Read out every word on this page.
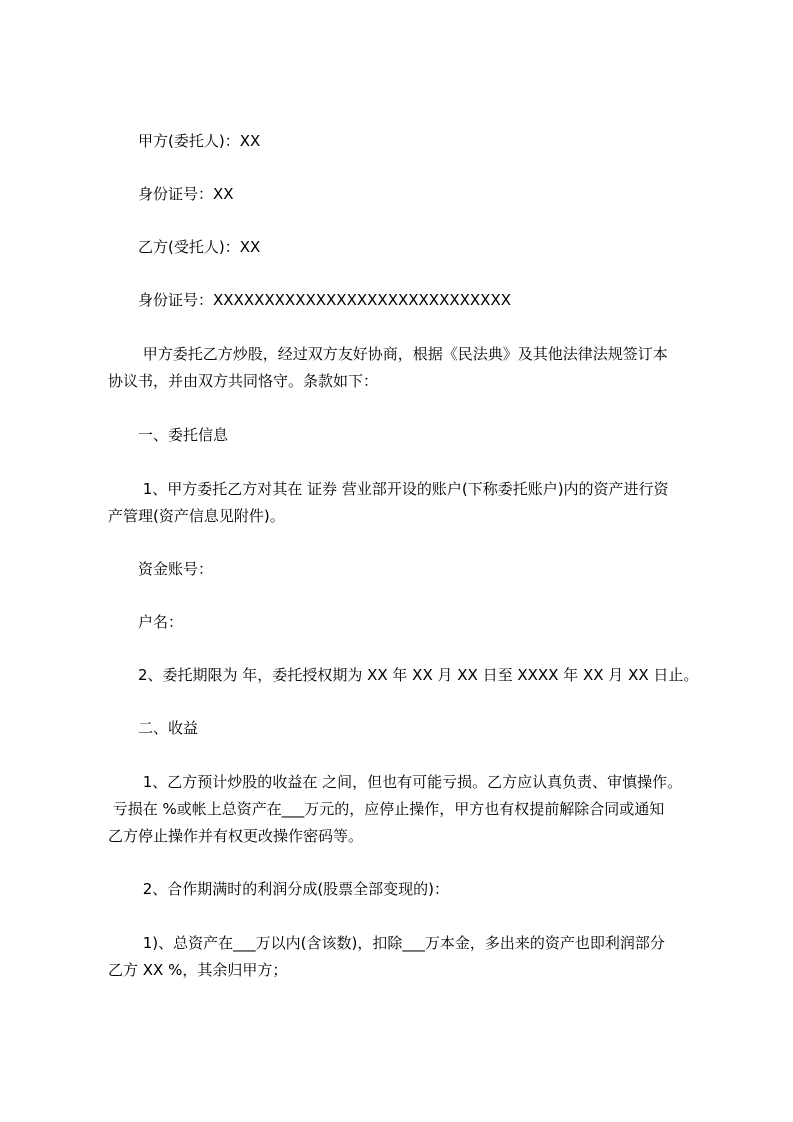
　　甲方(委托人)：XX
　　身份证号：XX
　　乙方(受托人)：XX
　　身份证号：XXXXXXXXXXXXXXXXXXXXXXXXXXXXX
　　 甲方委托乙方炒股，经过双方友好协商，根据《民法典》及其他法律法规签订本
协议书，并由双方共同恪守。条款如下：
　　一、委托信息
　　 1、甲方委托乙方对其在 证券 营业部开设的账户(下称委托账户)内的资产进行资
产管理(资产信息见附件)。
　　资金账号：
　　户名：
　　2、委托期限为 年，委托授权期为 XX 年 XX 月 XX 日至 XXXX 年 XX 月 XX 日止。
　　二、收益
　　 1、乙方预计炒股的收益在 之间，但也有可能亏损。乙方应认真负责、审慎操作。
亏损在 %或帐上总资产在___万元的，应停止操作，甲方也有权提前解除合同或通知
乙方停止操作并有权更改操作密码等。
　　 2、合作期满时的利润分成(股票全部变现的)：
　　 1)、总资产在___万以内(含该数)，扣除___万本金，多出来的资产也即利润部分
乙方 XX %，其余归甲方；
